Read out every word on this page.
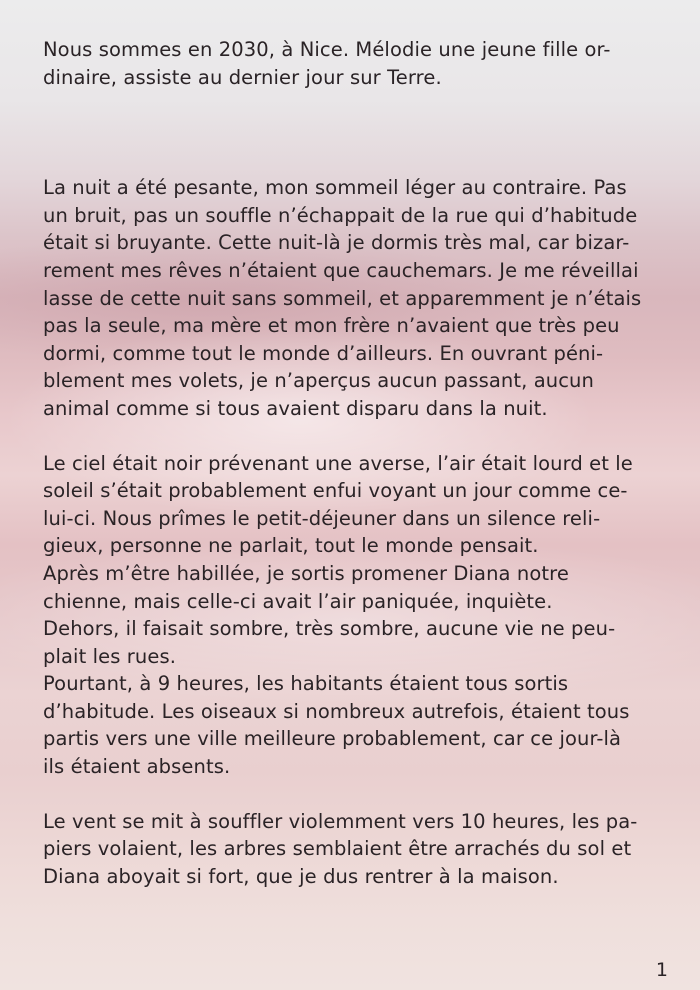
Nous sommes en 2030, à Nice. Mélodie une jeune fille or-
dinaire, assiste au dernier jour sur Terre.

La nuit a été pesante, mon sommeil léger au contraire. Pas
un bruit, pas un souffle n’échappait de la rue qui d’habitude
était si bruyante. Cette nuit-là je dormis très mal, car bizar-
rement mes rêves n’étaient que cauchemars. Je me réveillai
lasse de cette nuit sans sommeil, et apparemment je n’étais
pas la seule, ma mère et mon frère n’avaient que très peu
dormi, comme tout le monde d’ailleurs. En ouvrant péni-
blement mes volets, je n’aperçus aucun passant, aucun
animal comme si tous avaient disparu dans la nuit.

Le ciel était noir prévenant une averse, l’air était lourd et le
soleil s’était probablement enfui voyant un jour comme ce-
lui-ci. Nous prîmes le petit-déjeuner dans un silence reli-
gieux, personne ne parlait, tout le monde pensait.
Après m’être habillée, je sortis promener Diana notre
chienne, mais celle-ci avait l’air paniquée, inquiète.
Dehors, il faisait sombre, très sombre, aucune vie ne peu-
plait les rues.
Pourtant, à 9 heures, les habitants étaient tous sortis
d’habitude. Les oiseaux si nombreux autrefois, étaient tous
partis vers une ville meilleure probablement, car ce jour-là
ils étaient absents.

Le vent se mit à souffler violemment vers 10 heures, les pa-
piers volaient, les arbres semblaient être arrachés du sol et
Diana aboyait si fort, que je dus rentrer à la maison.

1
